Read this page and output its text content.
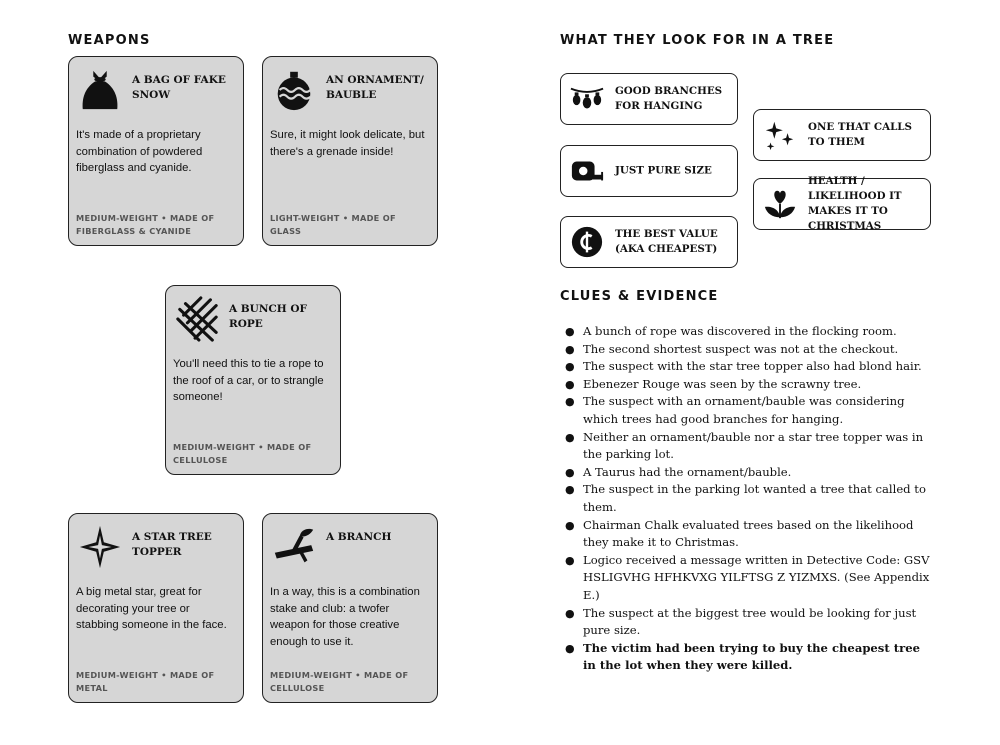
WEAPONS
A BAG OF FAKE SNOW
It's made of a proprietary combination of powdered fiberglass and cyanide.
MEDIUM-WEIGHT • MADE OF FIBERGLASS & CYANIDE
AN ORNAMENT/ BAUBLE
Sure, it might look delicate, but there's a grenade inside!
LIGHT-WEIGHT • MADE OF GLASS
A BUNCH OF ROPE
You'll need this to tie a rope to the roof of a car, or to strangle someone!
MEDIUM-WEIGHT • MADE OF CELLULOSE
A STAR TREE TOPPER
A big metal star, great for decorating your tree or stabbing someone in the face.
MEDIUM-WEIGHT • MADE OF METAL
A BRANCH
In a way, this is a combination stake and club: a twofer weapon for those creative enough to use it.
MEDIUM-WEIGHT • MADE OF CELLULOSE
WHAT THEY LOOK FOR IN A TREE
GOOD BRANCHES FOR HANGING
JUST PURE SIZE
THE BEST VALUE (AKA CHEAPEST)
ONE THAT CALLS TO THEM
HEALTH / LIKELIHOOD IT MAKES IT TO CHRISTMAS
CLUES & EVIDENCE
● A bunch of rope was discovered in the flocking room.
● The second shortest suspect was not at the checkout.
● The suspect with the star tree topper also had blond hair.
● Ebenezer Rouge was seen by the scrawny tree.
● The suspect with an ornament/bauble was considering which trees had good branches for hanging.
● Neither an ornament/bauble nor a star tree topper was in the parking lot.
● A Taurus had the ornament/bauble.
● The suspect in the parking lot wanted a tree that called to them.
● Chairman Chalk evaluated trees based on the likelihood they make it to Christmas.
● Logico received a message written in Detective Code: GSV HSLIGVHG HFHKVXG YILFTSG Z YIZMXS. (See Appendix E.)
● The suspect at the biggest tree would be looking for just pure size.
● The victim had been trying to buy the cheapest tree in the lot when they were killed.
